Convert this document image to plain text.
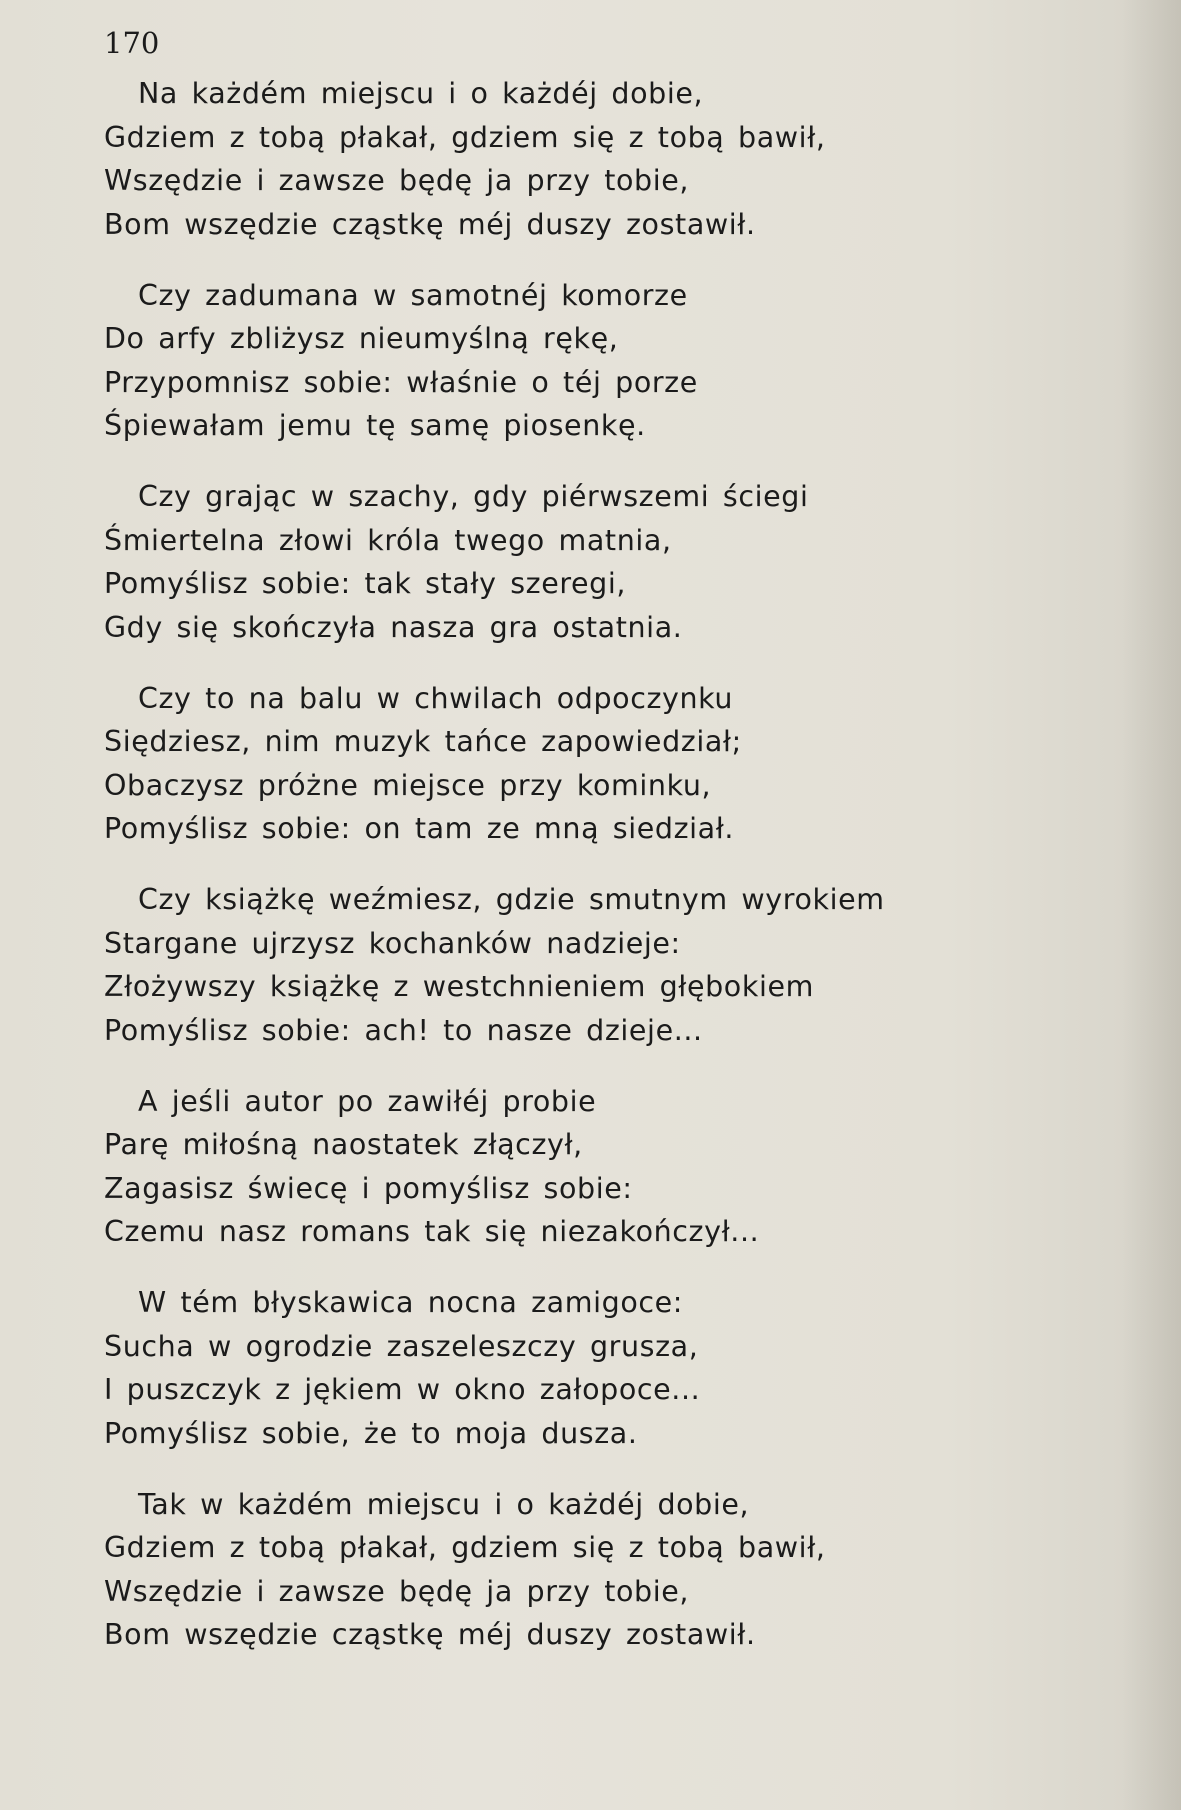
170
Na każdém miejscu i o każdéj dobie,
Gdziem z tobą płakał, gdziem się z tobą bawił,
Wszędzie i zawsze będę ja przy tobie,
Bom wszędzie cząstkę méj duszy zostawił.
Czy zadumana w samotnéj komorze
Do arfy zbliżysz nieumyślną rękę,
Przypomnisz sobie: właśnie o téj porze
Śpiewałam jemu tę samę piosenkę.
Czy grając w szachy, gdy piérwszemi ściegi
Śmiertelna złowi króla twego matnia,
Pomyślisz sobie: tak stały szeregi,
Gdy się skończyła nasza gra ostatnia.
Czy to na balu w chwilach odpoczynku
Siędziesz, nim muzyk tańce zapowiedział;
Obaczysz próżne miejsce przy kominku,
Pomyślisz sobie: on tam ze mną siedział.
Czy książkę weźmiesz, gdzie smutnym wyrokiem
Stargane ujrzysz kochanków nadzieje:
Złożywszy książkę z westchnieniem głębokiem
Pomyślisz sobie: ach! to nasze dzieje...
A jeśli autor po zawiłéj probie
Parę miłośną naostatek złączył,
Zagasisz świecę i pomyślisz sobie:
Czemu nasz romans tak się niezakończył...
W tém błyskawica nocna zamigoce:
Sucha w ogrodzie zaszeleszczy grusza,
I puszczyk z jękiem w okno załopoce...
Pomyślisz sobie, że to moja dusza.
Tak w każdém miejscu i o każdéj dobie,
Gdziem z tobą płakał, gdziem się z tobą bawił,
Wszędzie i zawsze będę ja przy tobie,
Bom wszędzie cząstkę méj duszy zostawił.
